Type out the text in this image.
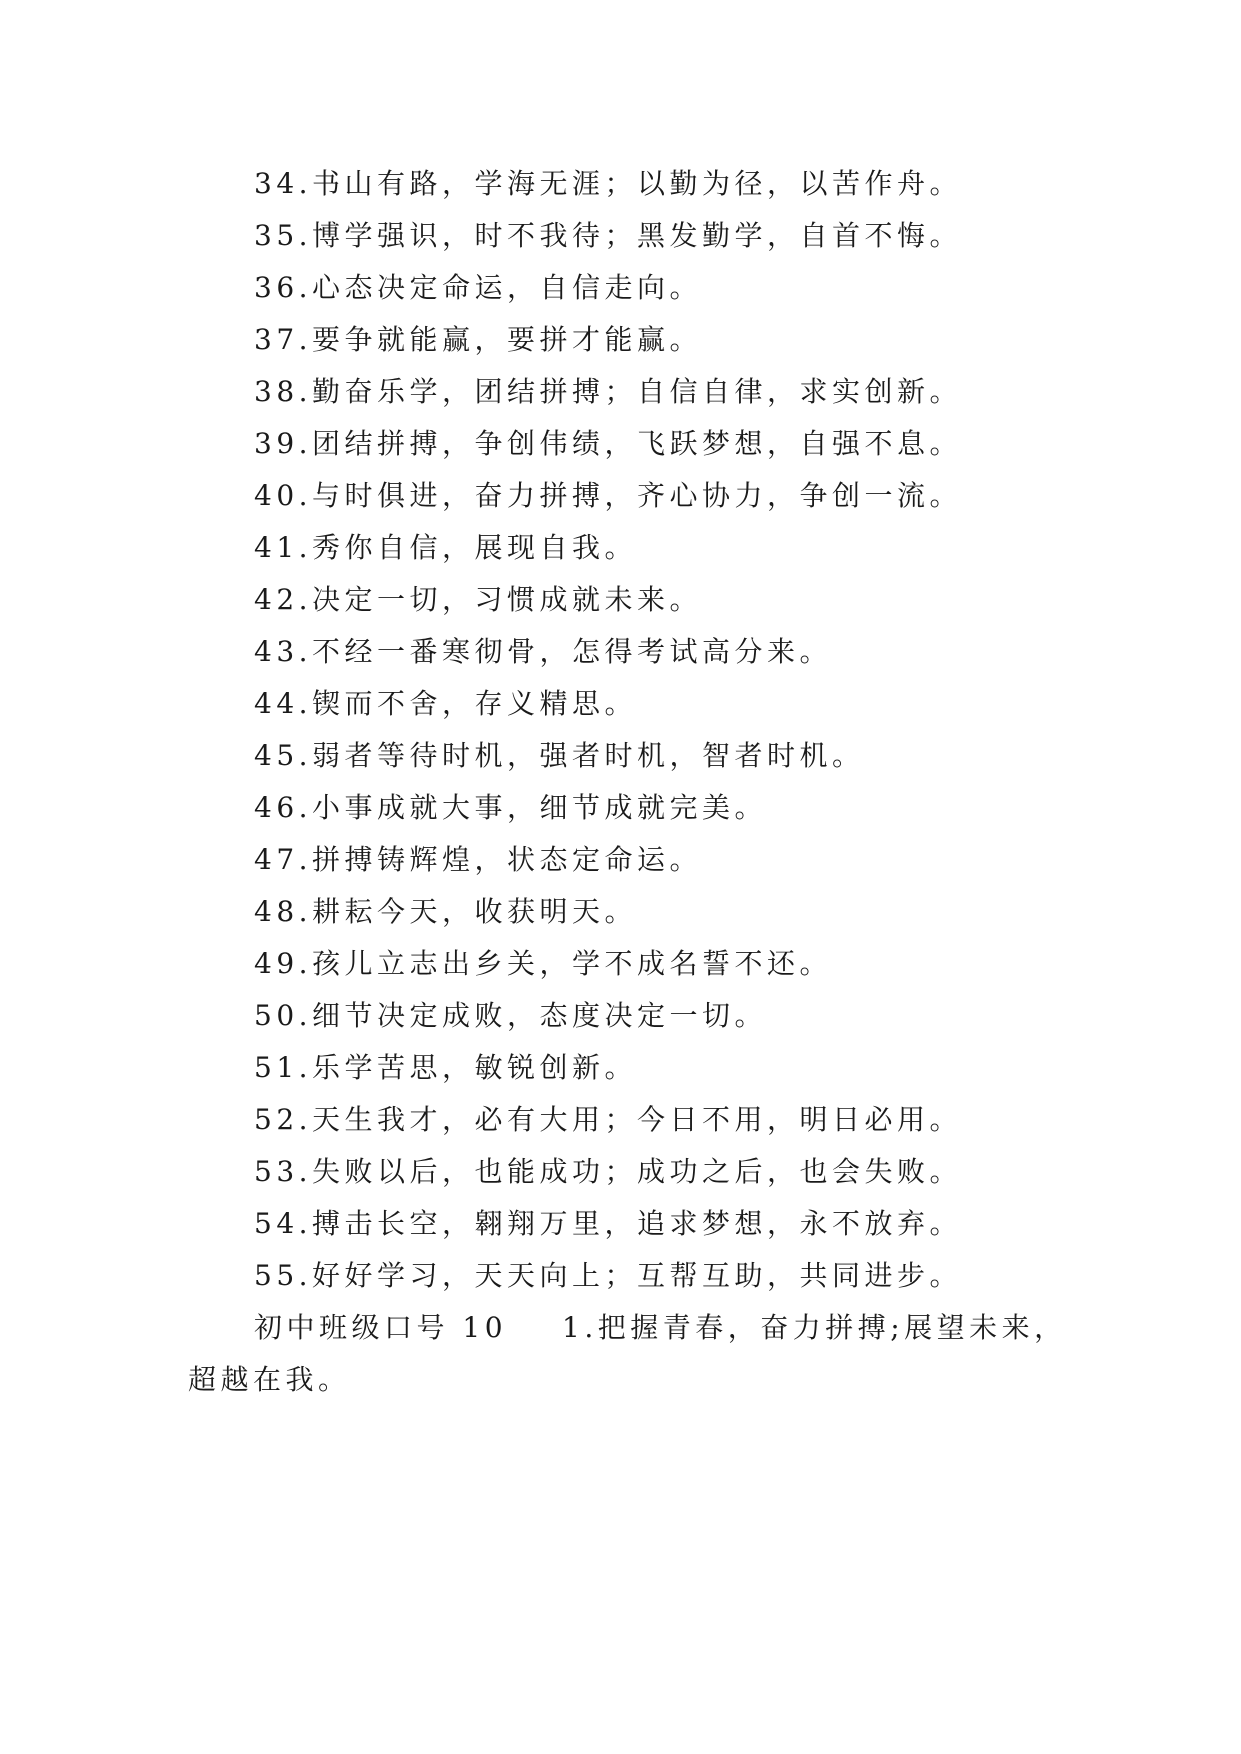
34.书山有路，学海无涯；以勤为径，以苦作舟。
35.博学强识，时不我待；黑发勤学，自首不悔。
36.心态决定命运，自信走向。
37.要争就能赢，要拼才能赢。
38.勤奋乐学，团结拼搏；自信自律，求实创新。
39.团结拼搏，争创伟绩，飞跃梦想，自强不息。
40.与时俱进，奋力拼搏，齐心协力，争创一流。
41.秀你自信，展现自我。
42.决定一切，习惯成就未来。
43.不经一番寒彻骨，怎得考试高分来。
44.锲而不舍，存义精思。
45.弱者等待时机，强者时机，智者时机。
46.小事成就大事，细节成就完美。
47.拼搏铸辉煌，状态定命运。
48.耕耘今天，收获明天。
49.孩儿立志出乡关，学不成名誓不还。
50.细节决定成败，态度决定一切。
51.乐学苦思，敏锐创新。
52.天生我才，必有大用；今日不用，明日必用。
53.失败以后，也能成功；成功之后，也会失败。
54.搏击长空，翱翔万里，追求梦想，永不放弃。
55.好好学习，天天向上；互帮互助，共同进步。
初中班级口号 10 1.把握青春，奋力拼搏;展望未来，
超越在我。
